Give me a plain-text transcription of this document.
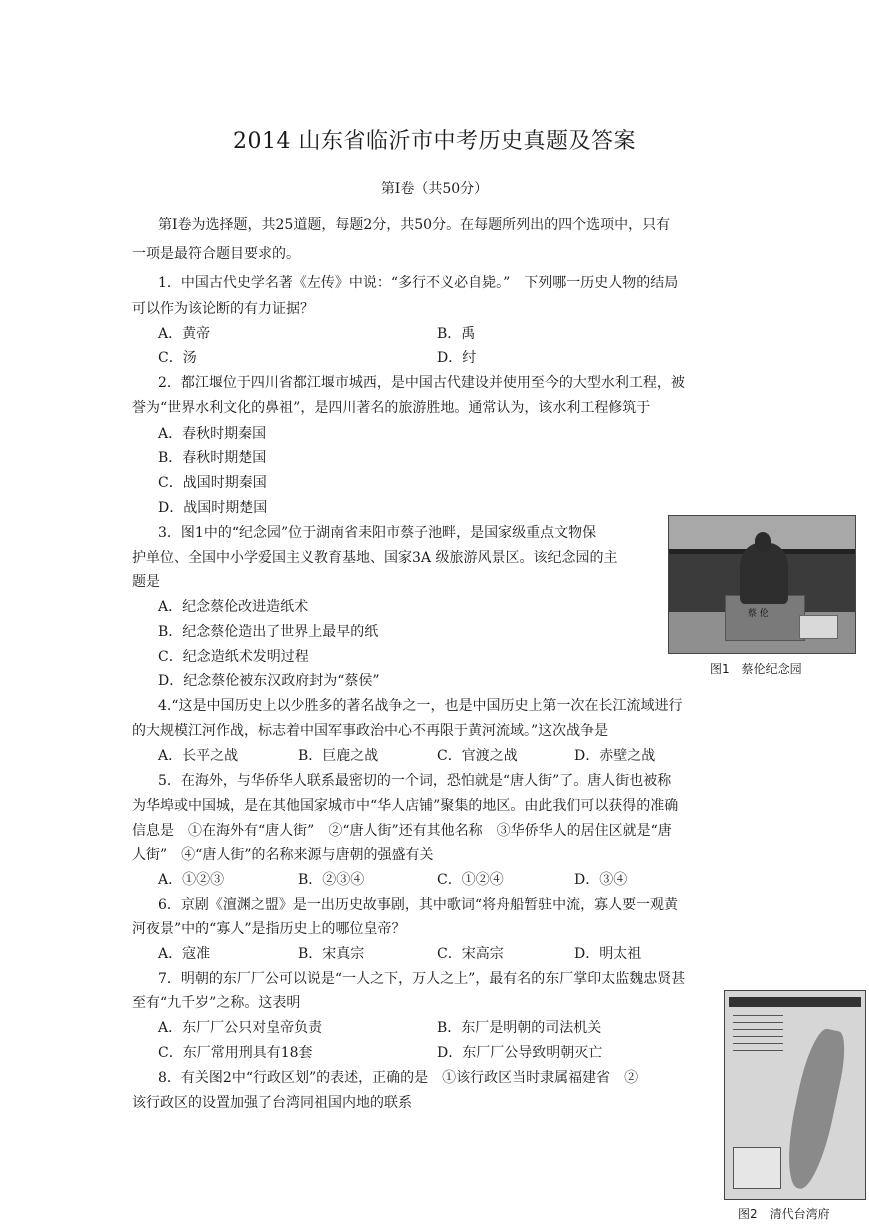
2014 山东省临沂市中考历史真题及答案
第Ⅰ卷（共50分）
第Ⅰ卷为选择题，共25道题，每题2分，共50分。在每题所列出的四个选项中，只有
一项是最符合题目要求的。
1．中国古代史学名著《左传》中说：“多行不义必自毙。”　下列哪一历史人物的结局
可以作为该论断的有力证据？
A．黄帝	B．禹
C．汤	D．纣
2．都江堰位于四川省都江堰市城西，是中国古代建设并使用至今的大型水利工程，被
誉为“世界水利文化的鼻祖”，是四川著名的旅游胜地。通常认为，该水利工程修筑于
A．春秋时期秦国
B．春秋时期楚国
C．战国时期秦国
D．战国时期楚国
3．图1中的“纪念园”位于湖南省耒阳市蔡子池畔，是国家级重点文物保
护单位、全国中小学爱国主义教育基地、国家3A 级旅游风景区。该纪念园的主
题是
A．纪念蔡伦改进造纸术
B．纪念蔡伦造出了世界上最早的纸
C．纪念造纸术发明过程
D．纪念蔡伦被东汉政府封为“蔡侯”
蔡 伦
图1　蔡伦纪念园
4.“这是中国历史上以少胜多的著名战争之一，也是中国历史上第一次在长江流域进行
的大规模江河作战，标志着中国军事政治中心不再限于黄河流域。”这次战争是
A．长平之战	B．巨鹿之战	C．官渡之战	D．赤壁之战
5．在海外，与华侨华人联系最密切的一个词，恐怕就是“唐人街”了。唐人街也被称
为华埠或中国城，是在其他国家城市中“华人店铺”聚集的地区。由此我们可以获得的准确
信息是　①在海外有“唐人街”　②“唐人街”还有其他名称　③华侨华人的居住区就是“唐
人街”　④“唐人街”的名称来源与唐朝的强盛有关
A．①②③	B．②③④	C．①②④	D．③④
6．京剧《澶渊之盟》是一出历史故事剧，其中歌词“将舟船暂驻中流，寡人要一观黄
河夜景”中的“寡人”是指历史上的哪位皇帝？
A．寇准	B．宋真宗	C．宋高宗	D．明太祖
7．明朝的东厂厂公可以说是“一人之下，万人之上”，最有名的东厂掌印太监魏忠贤甚
至有“九千岁”之称。这表明
A．东厂厂公只对皇帝负责	B．东厂是明朝的司法机关
C．东厂常用刑具有18套	D．东厂厂公导致明朝灭亡
8．有关图2中“行政区划”的表述，正确的是　①该行政区当时隶属福建省　②
该行政区的设置加强了台湾同祖国内地的联系
图2　清代台湾府
